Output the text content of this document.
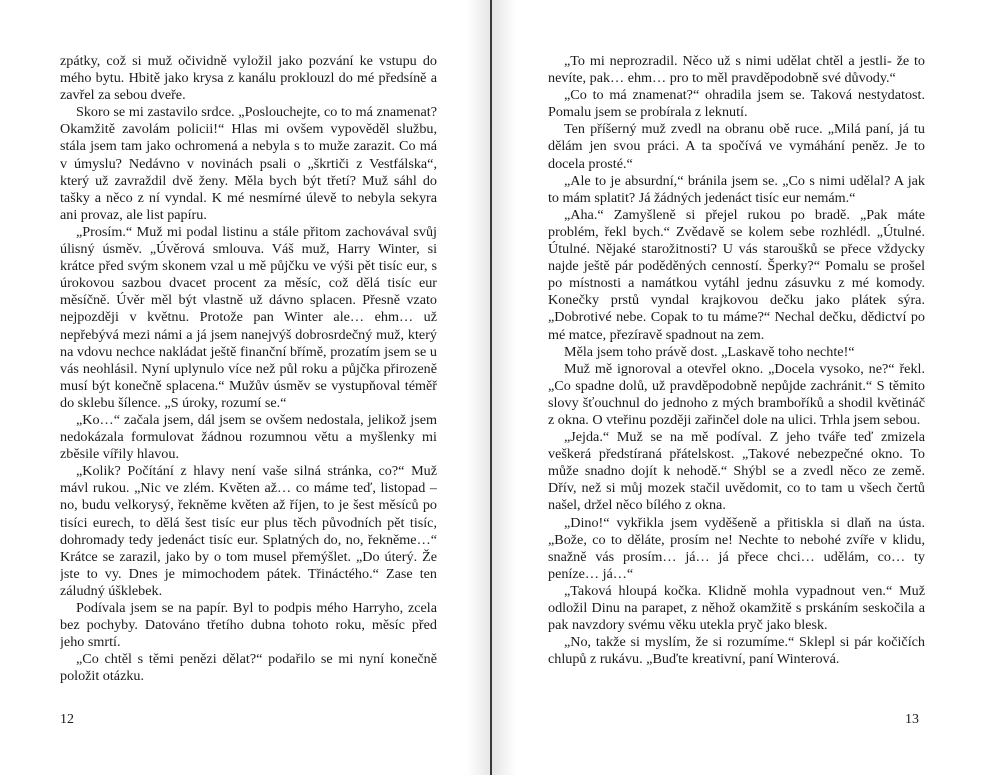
zpátky, což si muž očividně vyložil jako pozvání ke vstupu do mého bytu. Hbitě jako krysa z kanálu proklouzl do mé předsíně a zavřel za sebou dveře.

Skoro se mi zastavilo srdce. „Poslouchejte, co to má znamenat? Okamžitě zavolám policii!“ Hlas mi ovšem vypověděl službu, stála jsem tam jako ochromená a nebyla s to muže zarazit. Co má v úmyslu? Nedávno v novinách psali o „škrtiči z Vestfálska“, který už zavraždil dvě ženy. Měla bych být třetí? Muž sáhl do tašky a něco z ní vyndal. K mé nesmírné úlevě to nebyla sekyra ani provaz, ale list papíru.

„Prosím.“ Muž mi podal listinu a stále přitom zachovával svůj úlisný úsměv. „Úvěrová smlouva. Váš muž, Harry Winter, si krátce před svým skonem vzal u mě půjčku ve výši pět tisíc eur, s úrokovou sazbou dvacet procent za měsíc, což dělá tisíc eur měsíčně. Úvěr měl být vlastně už dávno splacen. Přesně vzato nejpozději v květnu. Protože pan Winter ale… ehm… už nepřebývá mezi námi a já jsem nanejvýš dobrosrdečný muž, který na vdovu nechce nakládat ještě finanční břímě, prozatím jsem se u vás neohlásil. Nyní uplynulo více než půl roku a půjčka přirozeně musí být konečně splacena.“ Mužův úsměv se vystupňoval téměř do sklebu šílence. „S úroky, rozumí se.“

„Ko…“ začala jsem, dál jsem se ovšem nedostala, jelikož jsem nedokázala formulovat žádnou rozumnou větu a myšlenky mi zběsile vířily hlavou.

„Kolik? Počítání z hlavy není vaše silná stránka, co?“ Muž mávl rukou. „Nic ve zlém. Květen až… co máme teď, listopad – no, budu velkorysý, řekněme květen až říjen, to je šest měsíců po tisíci eurech, to dělá šest tisíc eur plus těch původních pět tisíc, dohromady tedy jedenáct tisíc eur. Splatných do, no, řekněme…“ Krátce se zarazil, jako by o tom musel přemýšlet. „Do úterý. Že jste to vy. Dnes je mimochodem pátek. Třináctého.“ Zase ten záludný úšklebek.

Podívala jsem se na papír. Byl to podpis mého Harryho, zcela bez pochyby. Datováno třetího dubna tohoto roku, měsíc před jeho smrtí.

„Co chtěl s těmi penězi dělat?“ podařilo se mi nyní konečně položit otázku.

12

„To mi neprozradil. Něco už s nimi udělat chtěl a jestli- že to nevíte, pak… ehm… pro to měl pravděpodobně své důvody.“

„Co to má znamenat?“ ohradila jsem se. Taková nestydatost. Pomalu jsem se probírala z leknutí.

Ten příšerný muž zvedl na obranu obě ruce. „Milá paní, já tu dělám jen svou práci. A ta spočívá ve vymáhání peněz. Je to docela prosté.“

„Ale to je absurdní,“ bránila jsem se. „Co s nimi udělal? A jak to mám splatit? Já žádných jedenáct tisíc eur nemám.“

„Aha.“ Zamyšleně si přejel rukou po bradě. „Pak máte problém, řekl bych.“ Zvědavě se kolem sebe rozhlédl. „Útulné. Útulné. Nějaké starožitnosti? U vás staroušků se přece vždycky najde ještě pár poděděných cenností. Šperky?“ Pomalu se prošel po místnosti a namátkou vytáhl jednu zásuvku z mé komody. Konečky prstů vyndal krajkovou dečku jako plátek sýra. „Dobrotivé nebe. Copak to tu máme?“ Nechal dečku, dědictví po mé matce, přezíravě spadnout na zem.

Měla jsem toho právě dost. „Laskavě toho nechte!“

Muž mě ignoroval a otevřel okno. „Docela vysoko, ne?“ řekl. „Co spadne dolů, už pravděpodobně nepůjde zachránit.“ S těmito slovy šťouchnul do jednoho z mých bramboříků a shodil květináč z okna. O vteřinu později zařinčel dole na ulici. Trhla jsem sebou.

„Jejda.“ Muž se na mě podíval. Z jeho tváře teď zmizela veškerá předstíraná přátelskost. „Takové nebezpečné okno. To může snadno dojít k nehodě.“ Shýbl se a zvedl něco ze země. Dřív, než si můj mozek stačil uvědomit, co to tam u všech čertů našel, držel něco bílého z okna.

„Dino!“ vykřikla jsem vyděšeně a přitiskla si dlaň na ústa. „Bože, co to děláte, prosím ne! Nechte to nebohé zvíře v klidu, snažně vás prosím… já… já přece chci… udělám, co… ty peníze… já…“

„Taková hloupá kočka. Klidně mohla vypadnout ven.“ Muž odložil Dinu na parapet, z něhož okamžitě s prskáním seskočila a pak navzdory svému věku utekla pryč jako blesk.

„No, takže si myslím, že si rozumíme.“ Sklepl si pár kočičích chlupů z rukávu. „Buďte kreativní, paní Winterová.

13
